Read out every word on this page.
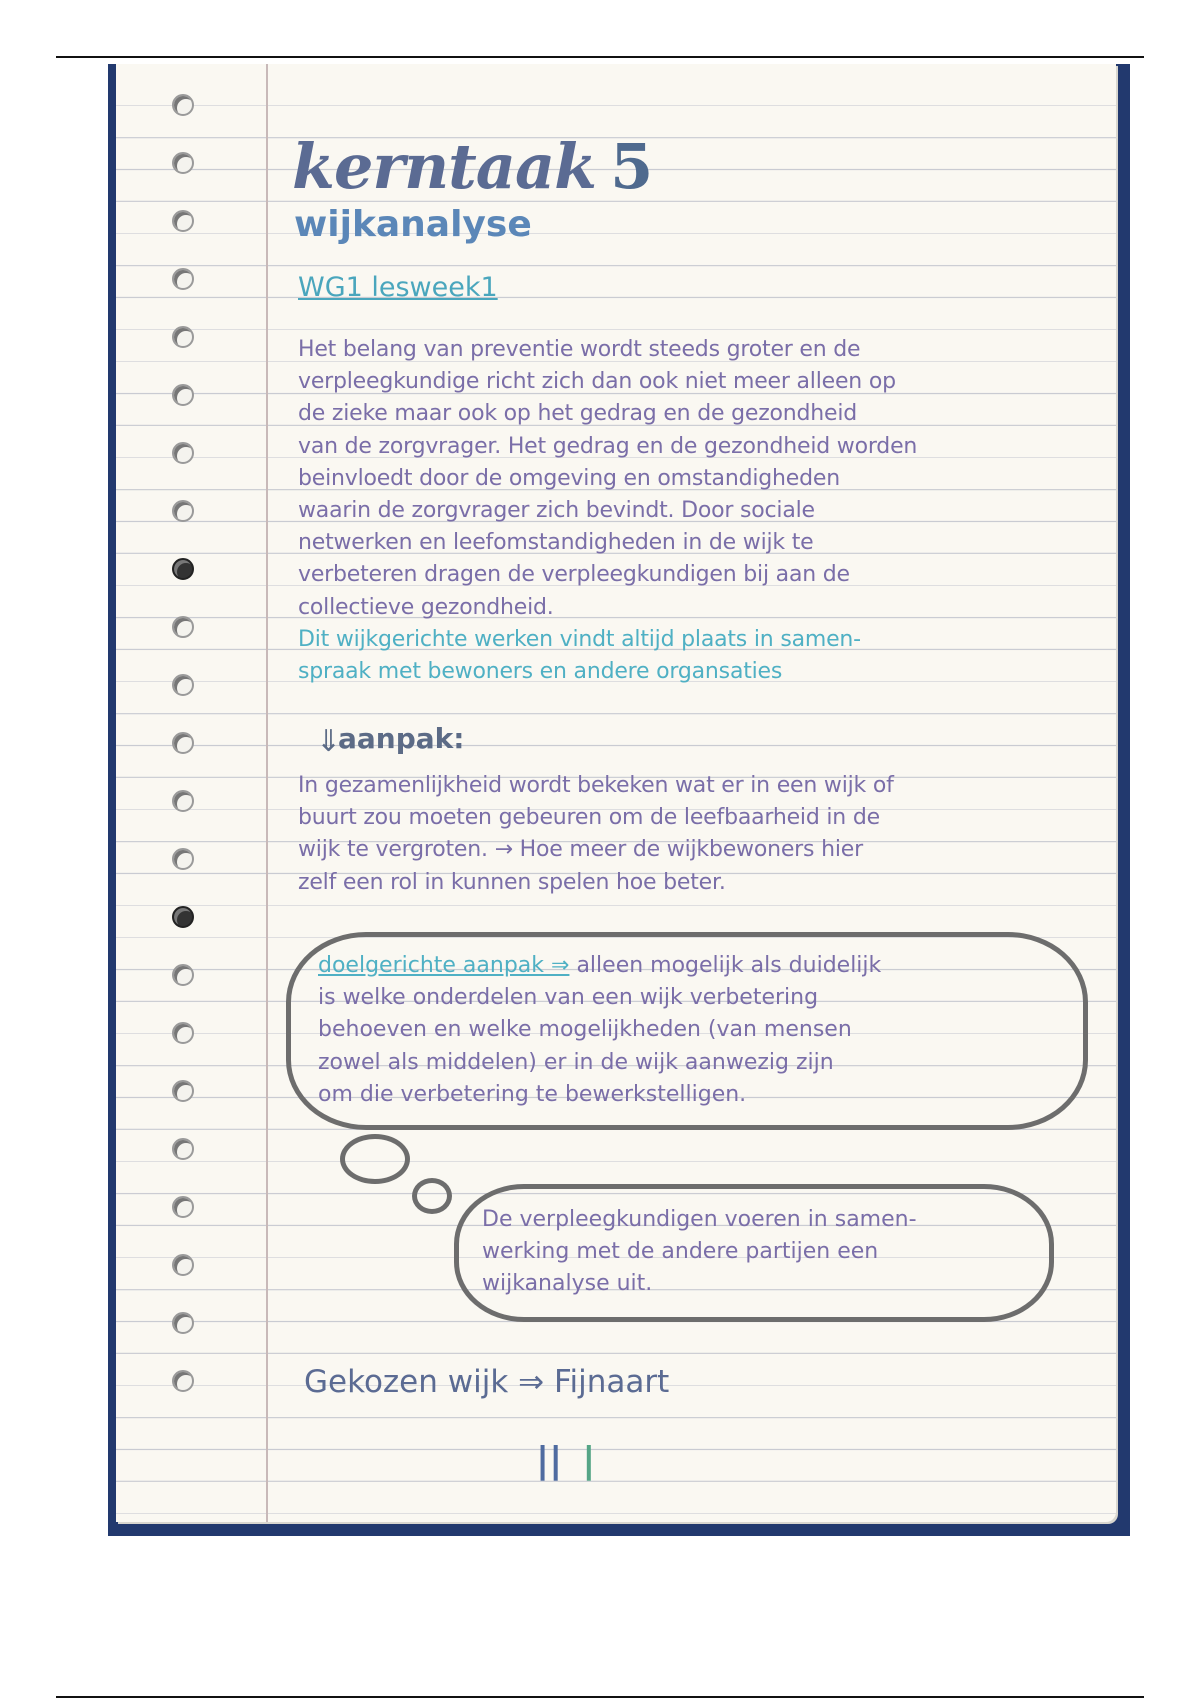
kerntaak 5
wijkanalyse

WG1 lesweek1

Het belang van preventie wordt steeds groter en de
verpleegkundige richt zich dan ook niet meer alleen op
de zieke maar ook op het gedrag en de gezondheid
van de zorgvrager. Het gedrag en de gezondheid worden
beinvloedt door de omgeving en omstandigheden
waarin de zorgvrager zich bevindt. Door sociale
netwerken en leefomstandigheden in de wijk te
verbeteren dragen de verpleegkundigen bij aan de
collectieve gezondheid.
Dit wijkgerichte werken vindt altijd plaats in samen-
spraak met bewoners en andere organsaties
⇓

aanpak:

In gezamenlijkheid wordt bekeken wat er in een wijk of
buurt zou moeten gebeuren om de leefbaarheid in de
wijk te vergroten. → Hoe meer de wijkbewoners hier
zelf een rol in kunnen spelen hoe beter.
doelgerichte aanpak ⇒ alleen mogelijk als duidelijk
is welke onderdelen van een wijk verbetering
behoeven en welke mogelijkheden (van mensen
zowel als middelen) er in de wijk aanwezig zijn
om die verbetering te bewerkstelligen.
De verpleegkundigen voeren in samen-
werking met de andere partijen een
wijkanalyse uit.

Gekozen wijk ⇒ Fijnaart

|| |
